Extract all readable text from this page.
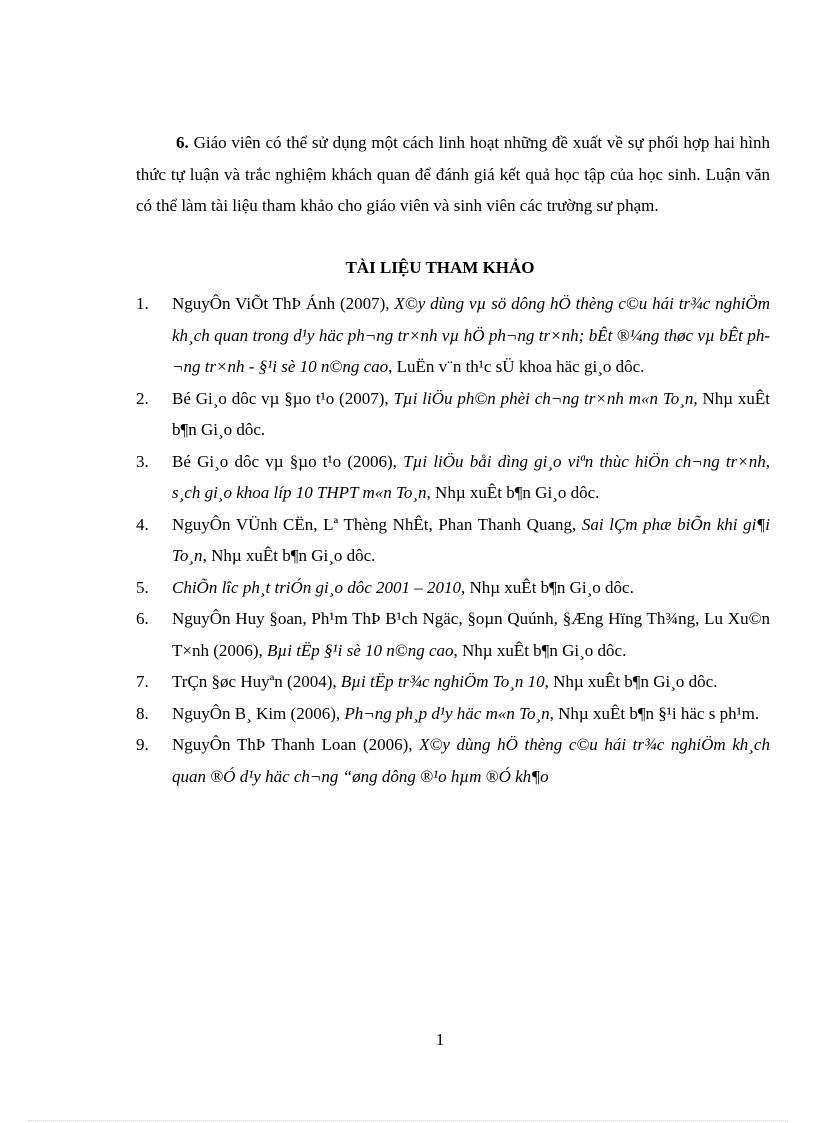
6. Giáo viên có thể sử dụng một cách linh hoạt những đề xuất về sự phối hợp hai hình thức tự luận và trắc nghiệm khách quan để đánh giá kết quả học tập của học sinh. Luận văn có thể làm tài liệu tham khảo cho giáo viên và sinh viên các trường sư phạm.
TÀI LIỆU THAM KHẢO
1. NguyÔn ViÕt ThÞ Ánh (2007), X©y dùng vµ sö dông hÖ thèng c©u hái tr¾c nghiÖm kh¸ch quan trong d¹y häc ph¬ng tr×nh vµ hÖ ph¬ng tr×nh; bÊt ®¼ng thøc vµ bÊt ph¬ng tr×nh - §¹i sè 10 n©ng cao, LuËn v¨n th¹c sÜ khoa häc gi¸o dôc.
2. Bé Gi¸o dôc vµ §µo t¹o (2007), Tµi liÖu ph©n phèi ch¬ng tr×nh m«n To¸n, Nhµ xuÊt b¶n Gi¸o dôc.
3. Bé Gi¸o dôc vµ §µo t¹o (2006), Tµi liÖu båi dìng gi¸o viªn thùc hiÖn ch¬ng tr×nh, s¸ch gi¸o khoa líp 10 THPT m«n To¸n, Nhµ xuÊt b¶n Gi¸o dôc.
4. NguyÔn VÜnh CËn, Lª Thèng NhÊt, Phan Thanh Quang, Sai lÇm phæ biÕn khi gi¶i To¸n, Nhµ xuÊt b¶n Gi¸o dôc.
5. ChiÕn lîc ph¸t triÓn gi¸o dôc 2001 – 2010, Nhµ xuÊt b¶n Gi¸o dôc.
6. NguyÔn Huy §oan, Ph¹m ThÞ B¹ch Ngäc, §oµn Quúnh, §Æng Hïng Th¾ng, Lu Xu©n T×nh (2006), Bµi tËp §¹i sè 10 n©ng cao, Nhµ xuÊt b¶n Gi¸o dôc.
7. TrÇn §øc Huyªn (2004), Bµi tËp tr¾c nghiÖm To¸n 10, Nhµ xuÊt b¶n Gi¸o dôc.
8. NguyÔn B¸ Kim (2006), Ph¬ng ph¸p d¹y häc m«n To¸n, Nhµ xuÊt b¶n §¹i häc s ph¹m.
9. NguyÔn ThÞ Thanh Loan (2006), X©y dùng hÖ thèng c©u hái tr¾c nghiÖm kh¸ch quan ®Ó d¹y häc ch¬ng “øng dông ®¹o hµm ®Ó kh¶o
1
